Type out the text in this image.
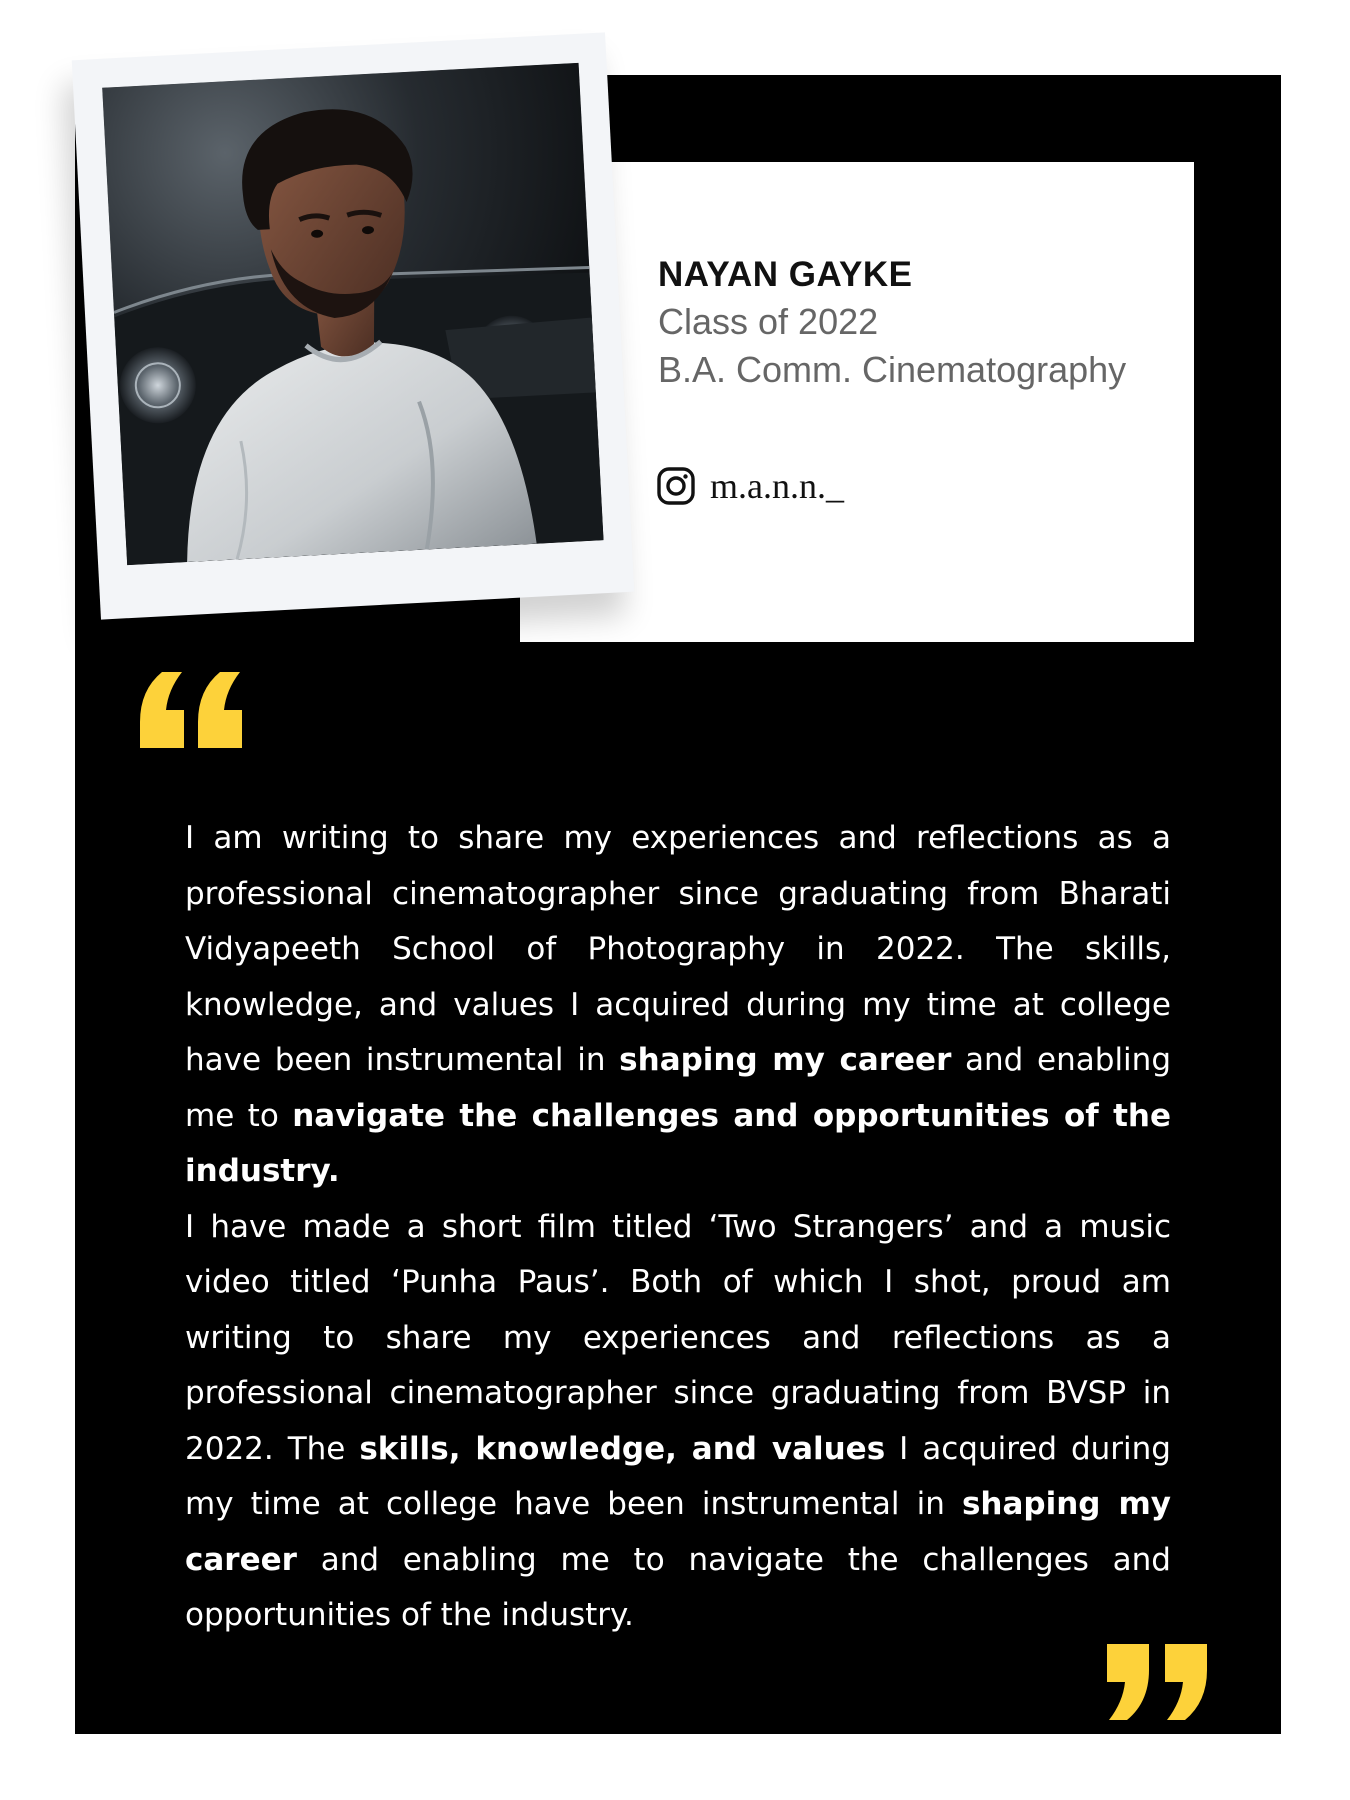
NAYAN GAYKE

Class of 2022

B.A. Comm. Cinematography

m.a.n.n._

I am writing to share my experiences and reflections as a professional cinematographer since graduating from Bharati Vidyapeeth School of Photography in 2022. The skills, knowledge, and values I acquired during my time at college have been instrumental in shaping my career and enabling me to navigate the challenges and opportunities of the industry.

I have made a short film titled ‘Two Strangers’ and a music video titled ‘Punha Paus’. Both of which I shot, proud am writing to share my experiences and reflections as a professional cinematographer since graduating from BVSP in 2022. The skills, knowledge, and values I acquired during my time at college have been instrumental in shaping my career and enabling me to navigate the challenges and opportunities of the industry.
